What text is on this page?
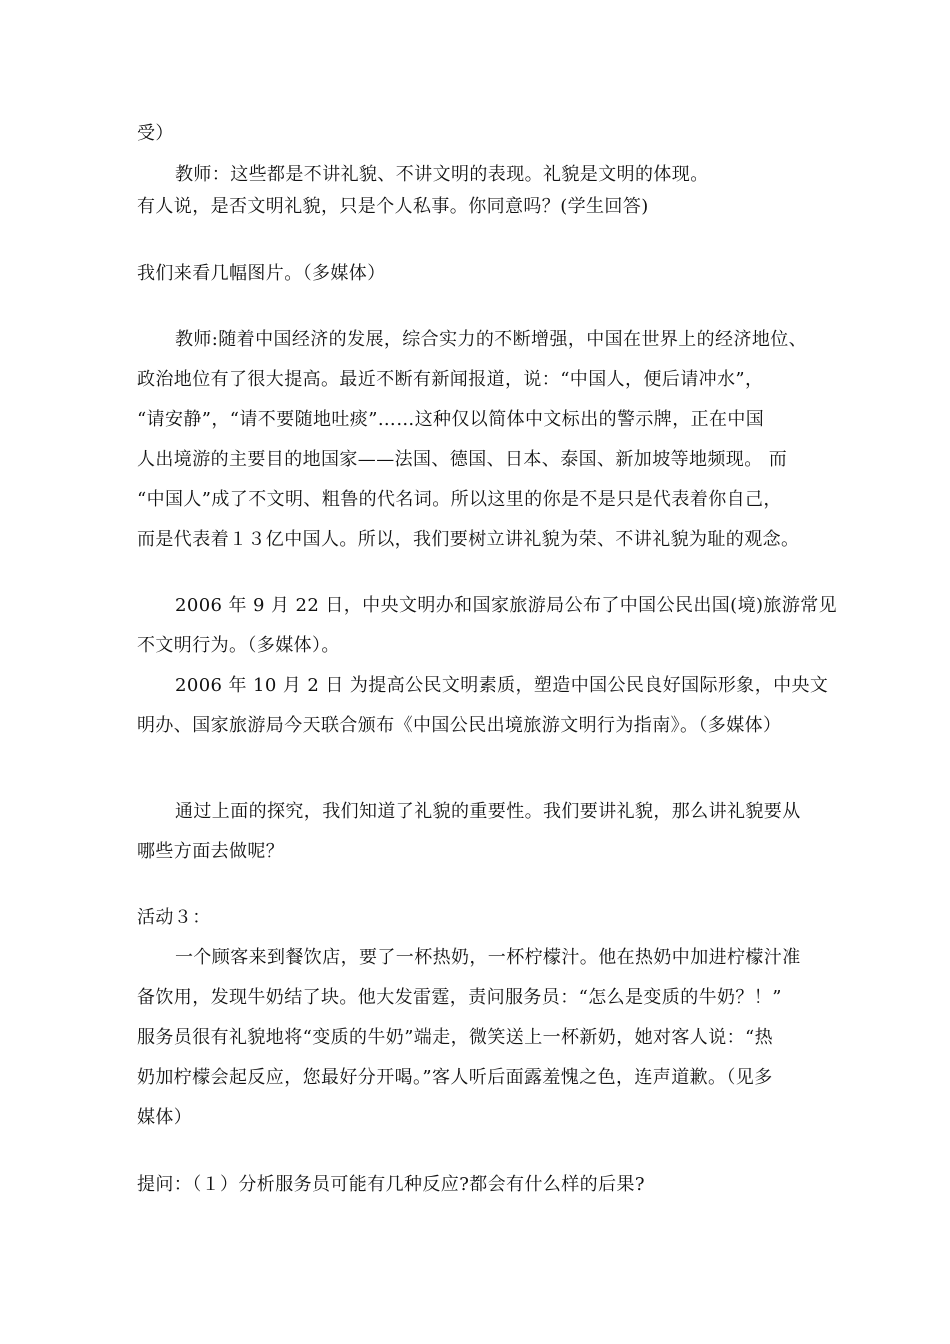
受）
教师：这些都是不讲礼貌、不讲文明的表现。礼貌是文明的体现。
有人说，是否文明礼貌，只是个人私事。你同意吗？(学生回答)
我们来看几幅图片。（多媒体）
教师:随着中国经济的发展，综合实力的不断增强，中国在世界上的经济地位、
政治地位有了很大提高。最近不断有新闻报道，说：“中国人，便后请冲水”，
“请安静”，“请不要随地吐痰”……这种仅以简体中文标出的警示牌，正在中国
人出境游的主要目的地国家——法国、德国、日本、泰国、新加坡等地频现。 而
“中国人”成了不文明、粗鲁的代名词。所以这里的你是不是只是代表着你自己，
而是代表着１３亿中国人。所以，我们要树立讲礼貌为荣、不讲礼貌为耻的观念。
2006 年 9 月 22 日，中央文明办和国家旅游局公布了中国公民出国(境)旅游常见
不文明行为。（多媒体）。
2006 年 10 月 2 日 为提高公民文明素质，塑造中国公民良好国际形象，中央文
明办、国家旅游局今天联合颁布《中国公民出境旅游文明行为指南》。（多媒体）
通过上面的探究，我们知道了礼貌的重要性。我们要讲礼貌，那么讲礼貌要从
哪些方面去做呢？
活动３：
一个顾客来到餐饮店，要了一杯热奶，一杯柠檬汁。他在热奶中加进柠檬汁准
备饮用，发现牛奶结了块。他大发雷霆，责问服务员：“怎么是变质的牛奶？！”
服务员很有礼貌地将“变质的牛奶”端走，微笑送上一杯新奶，她对客人说：“热
奶加柠檬会起反应，您最好分开喝。”客人听后面露羞愧之色，连声道歉。（见多
媒体）
提问：（１）分析服务员可能有几种反应?都会有什么样的后果?
